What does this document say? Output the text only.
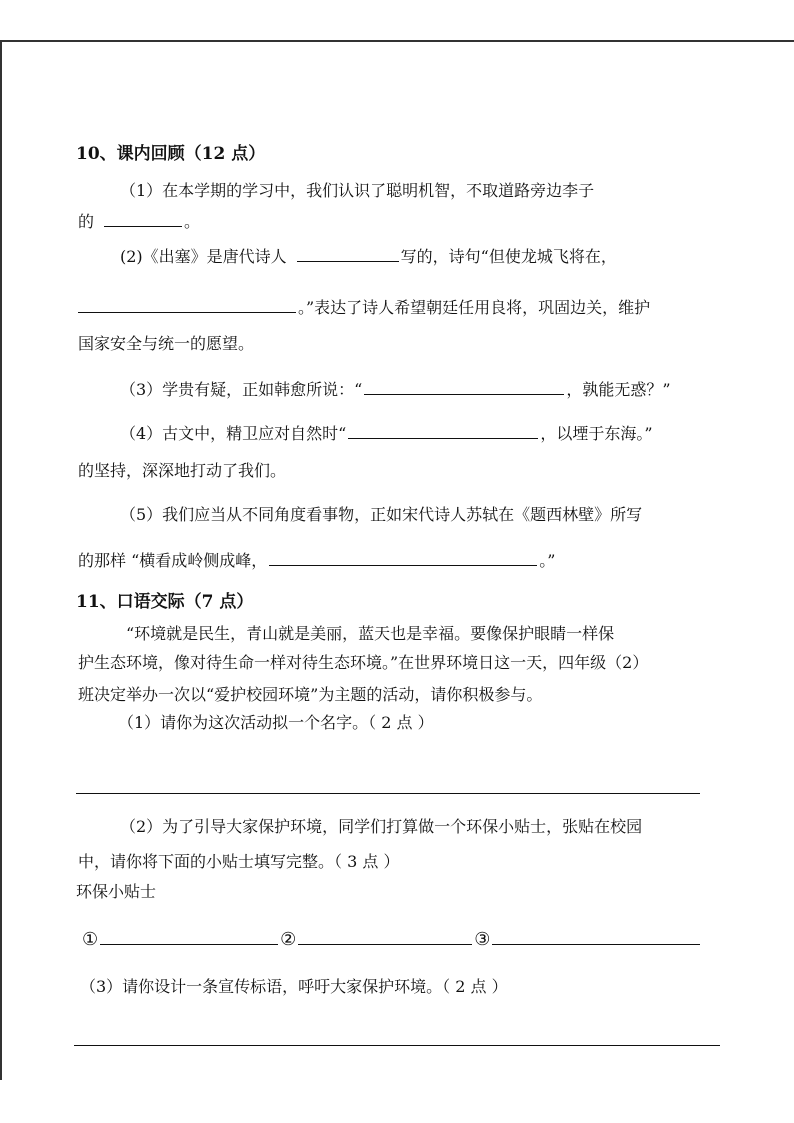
10、课内回顾（12 点）
（1）在本学期的学习中，我们认识了聪明机智，不取道路旁边李子
的	。
(2)《出塞》是唐代诗人	写的，诗句“但使龙城飞将在，
。”表达了诗人希望朝廷任用良将，巩固边关，维护
国家安全与统一的愿望。
（3）学贵有疑，正如韩愈所说：“	，孰能无惑？”
（4）古文中，精卫应对自然时“	，以堙于东海。”
的坚持，深深地打动了我们。
（5）我们应当从不同角度看事物，正如宋代诗人苏轼在《题西林壁》所写
的那样 “横看成岭侧成峰，	。”
11、口语交际（7 点）
“环境就是民生，青山就是美丽，蓝天也是幸福。要像保护眼睛一样保
护生态环境，像对待生命一样对待生态环境。”在世界环境日这一天，四年级（2）
班决定举办一次以“爱护校园环境”为主题的活动，请你积极参与。
（1）请你为这次活动拟一个名字。（ 2 点 ）
（2）为了引导大家保护环境，同学们打算做一个环保小贴士，张贴在校园
中，请你将下面的小贴士填写完整。（ 3 点 ）
环保小贴士
①	②	③
（3）请你设计一条宣传标语，呼吁大家保护环境。（ 2 点 ）
